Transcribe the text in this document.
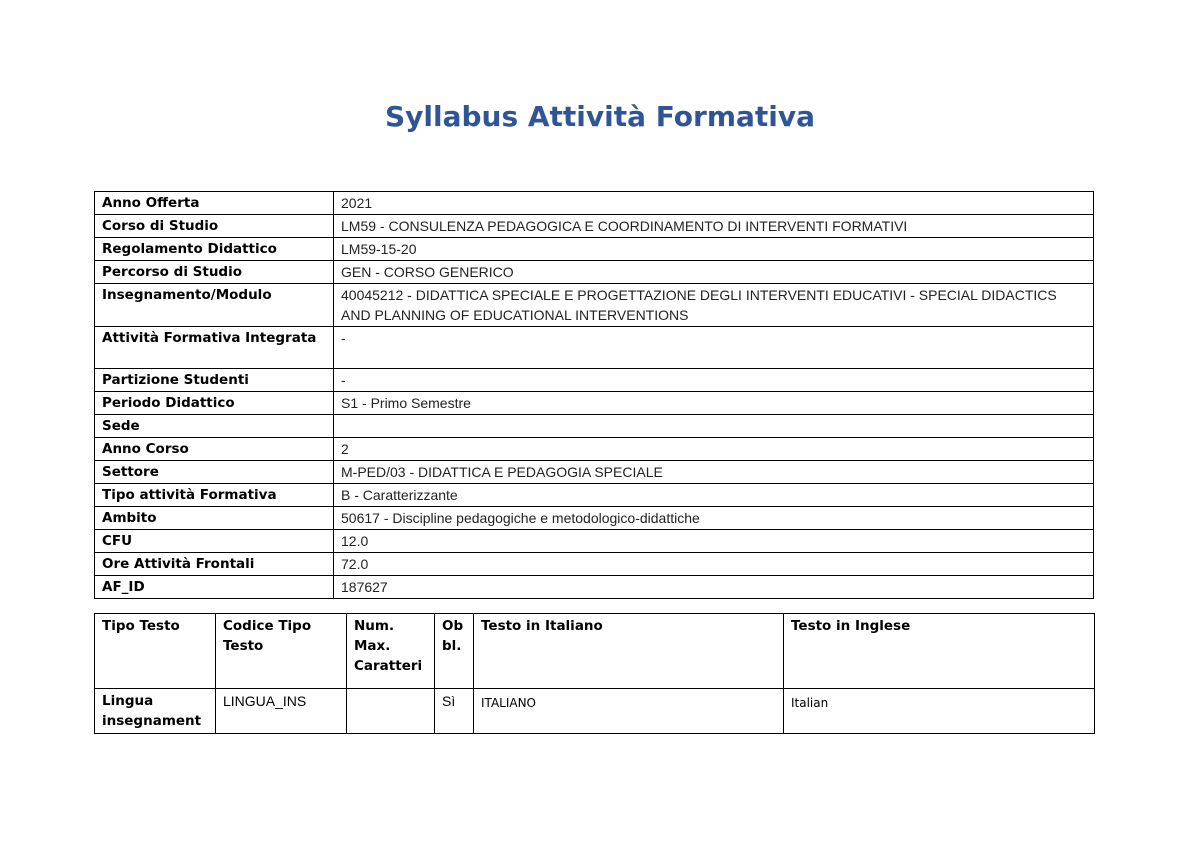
Syllabus Attività Formativa
Anno Offerta	2021
Corso di Studio	LM59 - CONSULENZA PEDAGOGICA E COORDINAMENTO DI INTERVENTI FORMATIVI
Regolamento Didattico	LM59-15-20
Percorso di Studio	GEN - CORSO GENERICO
Insegnamento/Modulo	40045212 - DIDATTICA SPECIALE E PROGETTAZIONE DEGLI INTERVENTI EDUCATIVI - SPECIAL DIDACTICS AND PLANNING OF EDUCATIONAL INTERVENTIONS
Attività Formativa Integrata	-
Partizione Studenti	-
Periodo Didattico	S1 - Primo Semestre
Sede	
Anno Corso	2
Settore	M-PED/03 - DIDATTICA E PEDAGOGIA SPECIALE
Tipo attività Formativa	B - Caratterizzante
Ambito	50617 - Discipline pedagogiche e metodologico-didattiche
CFU	12.0
Ore Attività Frontali	72.0
AF_ID	187627
Tipo Testo	Codice Tipo Testo	Num. Max. Caratteri	Ob bl.	Testo in Italiano	Testo in Inglese
Lingua insegnament	LINGUA_INS		Sì	ITALIANO	Italian
